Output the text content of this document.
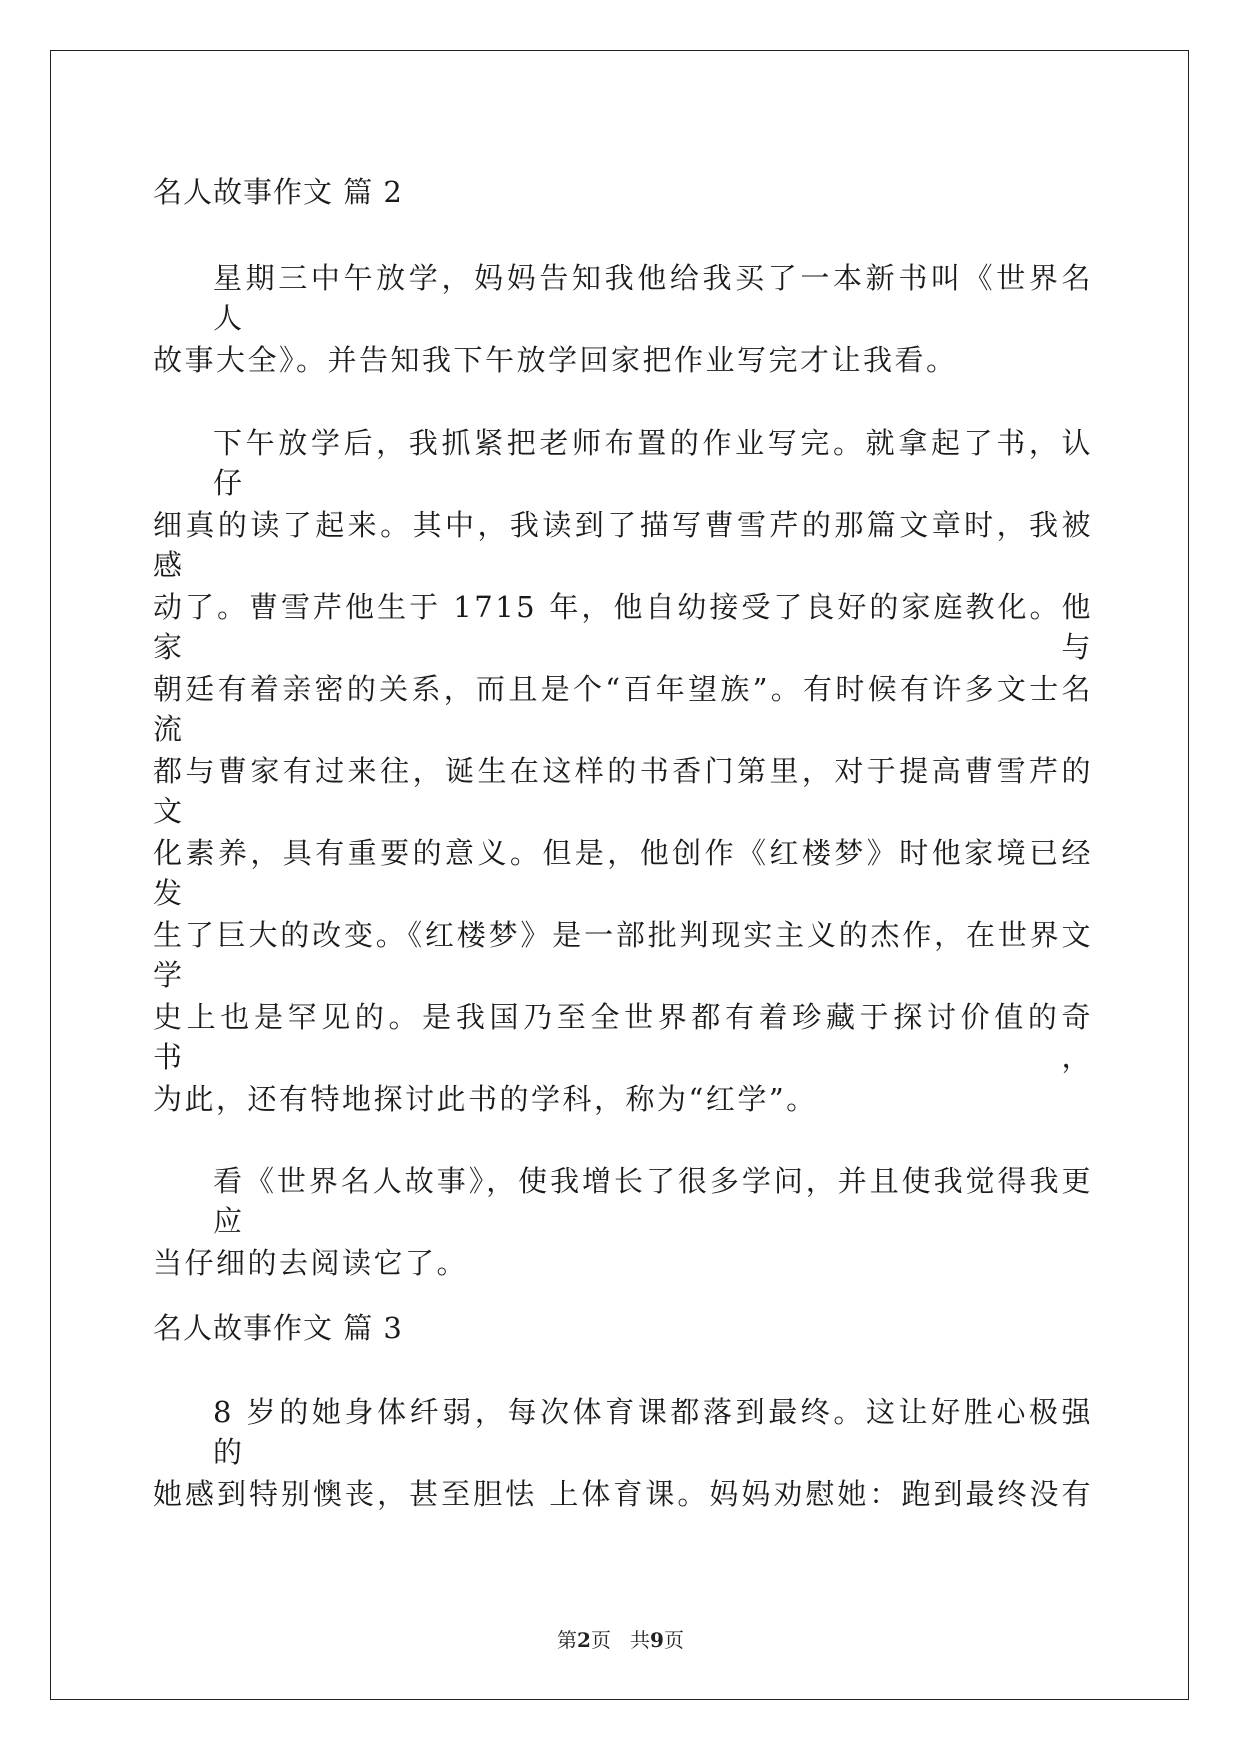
名人故事作文 篇 2
星期三中午放学，妈妈告知我他给我买了一本新书叫《世界名人
故事大全》。并告知我下午放学回家把作业写完才让我看。
下午放学后，我抓紧把老师布置的作业写完。就拿起了书，认仔
细真的读了起来。其中，我读到了描写曹雪芹的那篇文章时，我被感
动了。曹雪芹他生于 1715 年，他自幼接受了良好的家庭教化。他家与
朝廷有着亲密的关系，而且是个“百年望族”。有时候有许多文士名流
都与曹家有过来往，诞生在这样的书香门第里，对于提高曹雪芹的文
化素养，具有重要的意义。但是，他创作《红楼梦》时他家境已经发
生了巨大的改变。《红楼梦》是一部批判现实主义的杰作，在世界文学
史上也是罕见的。是我国乃至全世界都有着珍藏于探讨价值的奇书，
为此，还有特地探讨此书的学科，称为“红学”。
看《世界名人故事》，使我增长了很多学问，并且使我觉得我更应
当仔细的去阅读它了。
名人故事作文 篇 3
8 岁的她身体纤弱，每次体育课都落到最终。这让好胜心极强的
她感到特别懊丧，甚至胆怯 上体育课。妈妈劝慰她：跑到最终没有
第2页 共9页
